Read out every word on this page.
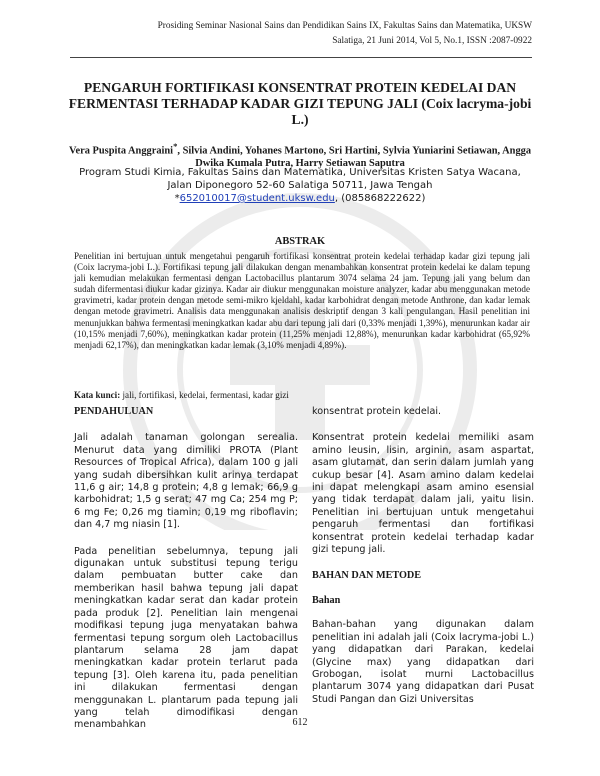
Prosiding Seminar Nasional Sains dan Pendidikan Sains IX, Fakultas Sains dan Matematika, UKSW
Salatiga, 21 Juni 2014, Vol 5, No.1, ISSN :2087-0922
PENGARUH FORTIFIKASI KONSENTRAT PROTEIN KEDELAI DAN FERMENTASI TERHADAP KADAR GIZI TEPUNG JALI (Coix lacryma-jobi L.)
Vera Puspita Anggraini*, Silvia Andini, Yohanes Martono, Sri Hartini, Sylvia Yuniarini Setiawan, Angga Dwika Kumala Putra, Harry Setiawan Saputra
Program Studi Kimia, Fakultas Sains dan Matematika, Universitas Kristen Satya Wacana,
Jalan Diponegoro 52-60 Salatiga 50711, Jawa Tengah
*652010017@student.uksw.edu, (085868222622)
ABSTRAK
Penelitian ini bertujuan untuk mengetahui pengaruh fortifikasi konsentrat protein kedelai terhadap kadar gizi tepung jali (Coix lacryma-jobi L.). Fortifikasi tepung jali dilakukan dengan menambahkan konsentrat protein kedelai ke dalam tepung jali kemudian melakukan fermentasi dengan Lactobacillus plantarum 3074 selama 24 jam. Tepung jali yang belum dan sudah difermentasi diukur kadar gizinya. Kadar air diukur menggunakan moisture analyzer, kadar abu menggunakan metode gravimetri, kadar protein dengan metode semi-mikro kjeldahl, kadar karbohidrat dengan metode Anthrone, dan kadar lemak dengan metode gravimetri. Analisis data menggunakan analisis deskriptif dengan 3 kali pengulangan. Hasil penelitian ini menunjukkan bahwa fermentasi meningkatkan kadar abu dari tepung jali dari (0,33% menjadi 1,39%), menurunkan kadar air (10,15% menjadi 7,60%), meningkatkan kadar protein (11,25% menjadi 12,88%), menurunkan kadar karbohidrat (65,92% menjadi 62,17%), dan meningkatkan kadar lemak (3,10% menjadi 4,89%).
Kata kunci: jali, fortifikasi, kedelai, fermentasi, kadar gizi

PENDAHULUAN

Jali adalah tanaman golongan serealia. Menurut data yang dimiliki PROTA (Plant Resources of Tropical Africa), dalam 100 g jali yang sudah dibersihkan kulit arinya terdapat 11,6 g air; 14,8 g protein; 4,8 g lemak; 66,9 g karbohidrat; 1,5 g serat; 47 mg Ca; 254 mg P; 6 mg Fe; 0,26 mg tiamin; 0,19 mg riboflavin; dan 4,7 mg niasin [1].

Pada penelitian sebelumnya, tepung jali digunakan untuk substitusi tepung terigu dalam pembuatan butter cake dan memberikan hasil bahwa tepung jali dapat meningkatkan kadar serat dan kadar protein pada produk [2]. Penelitian lain mengenai modifikasi tepung juga menyatakan bahwa fermentasi tepung sorgum oleh Lactobacillus plantarum selama 28 jam dapat meningkatkan kadar protein terlarut pada tepung [3]. Oleh karena itu, pada penelitian ini dilakukan fermentasi dengan menggunakan L. plantarum pada tepung jali yang telah dimodifikasi dengan menambahkan

konsentrat protein kedelai.

Konsentrat protein kedelai memiliki asam amino leusin, lisin, arginin, asam aspartat, asam glutamat, dan serin dalam jumlah yang cukup besar [4]. Asam amino dalam kedelai ini dapat melengkapi asam amino esensial yang tidak terdapat dalam jali, yaitu lisin. Penelitian ini bertujuan untuk mengetahui pengaruh fermentasi dan fortifikasi konsentrat protein kedelai terhadap kadar gizi tepung jali.

BAHAN DAN METODE

Bahan

Bahan-bahan yang digunakan dalam penelitian ini adalah jali (Coix lacryma-jobi L.) yang didapatkan dari Parakan, kedelai (Glycine max) yang didapatkan dari Grobogan, isolat murni Lactobacillus plantarum 3074 yang didapatkan dari Pusat Studi Pangan dan Gizi Universitas

612
